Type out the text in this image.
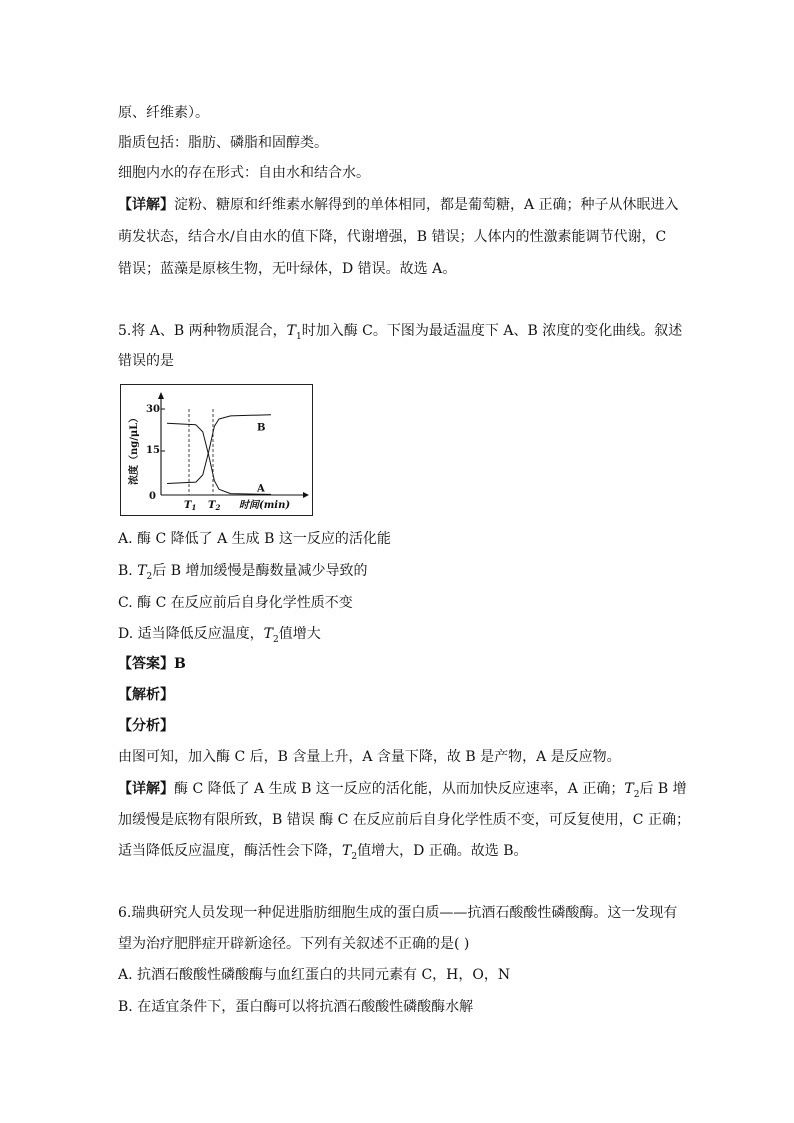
原、纤维素）。
脂质包括：脂肪、磷脂和固醇类。
细胞内水的存在形式：自由水和结合水。
【详解】淀粉、糖原和纤维素水解得到的单体相同，都是葡萄糖，A 正确；种子从休眠进入
萌发状态，结合水/自由水的值下降，代谢增强，B 错误；人体内的性激素能调节代谢，C
错误；蓝藻是原核生物，无叶绿体，D 错误。故选 A。
5.将 A、B 两种物质混合，$T_1$时加入酶 C。下图为最适温度下 A、B 浓度的变化曲线。叙述
错误的是
30
15
0
浓度（ng/μL）
$T_1$ $T_2$ 时间(min)
A
B
A. 酶 C 降低了 A 生成 B 这一反应的活化能
B. $T_2$后 B 增加缓慢是酶数量减少导致的
C. 酶 C 在反应前后自身化学性质不变
D. 适当降低反应温度，$T_2$值增大
【答案】B
【解析】
【分析】
由图可知，加入酶 C 后，B 含量上升，A 含量下降，故 B 是产物，A 是反应物。
【详解】酶 C 降低了 A 生成 B 这一反应的活化能，从而加快反应速率，A 正确；$T_2$后 B 增
加缓慢是底物有限所致，B 错误 酶 C 在反应前后自身化学性质不变，可反复使用，C 正确；
适当降低反应温度，酶活性会下降，$T_2$值增大，D 正确。故选 B。
6.瑞典研究人员发现一种促进脂肪细胞生成的蛋白质——抗酒石酸酸性磷酸酶。这一发现有
望为治疗肥胖症开辟新途径。下列有关叙述不正确的是( )
A. 抗酒石酸酸性磷酸酶与血红蛋白的共同元素有 C，H，O，N
B. 在适宜条件下，蛋白酶可以将抗酒石酸酸性磷酸酶水解
